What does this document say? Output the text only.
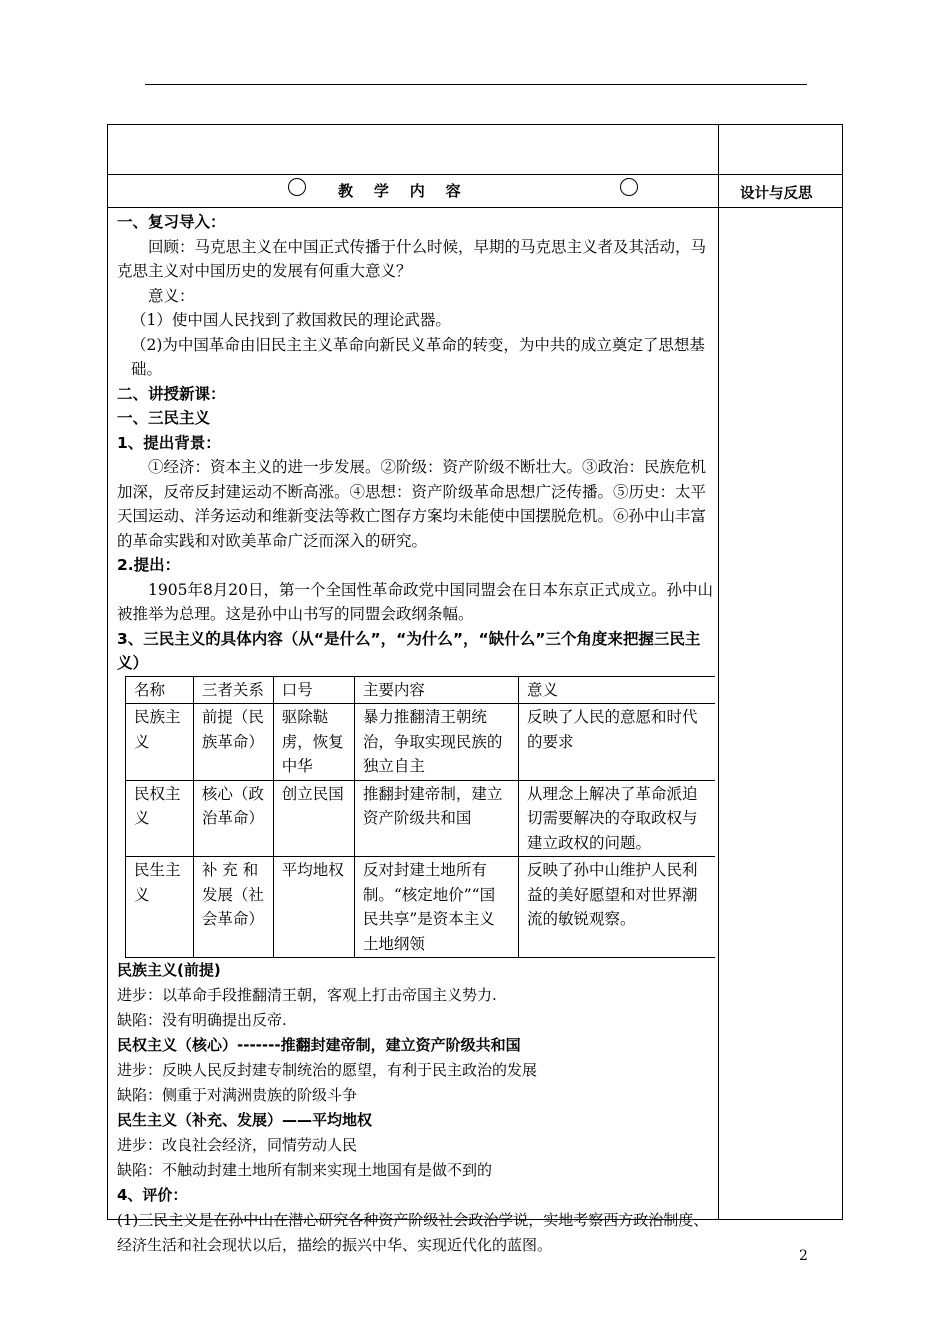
教    学    内    容	设计与反思

一、复习导入：

回顾：马克思主义在中国正式传播于什么时候，早期的马克思主义者及其活动，马克思主义对中国历史的发展有何重大意义？

意义：

（1）使中国人民找到了救国救民的理论武器。

（2)为中国革命由旧民主主义革命向新民义革命的转变，为中共的成立奠定了思想基础。

二、讲授新课：

一、三民主义

1、提出背景：

①经济：资本主义的进一步发展。②阶级：资产阶级不断壮大。③政治：民族危机加深，反帝反封建运动不断高涨。④思想：资产阶级革命思想广泛传播。⑤历史：太平天国运动、洋务运动和维新变法等救亡图存方案均未能使中国摆脱危机。⑥孙中山丰富的革命实践和对欧美革命广泛而深入的研究。

2.提出：

1905年8月20日，第一个全国性革命政党中国同盟会在日本东京正式成立。孙中山被推举为总理。这是孙中山书写的同盟会政纲条幅。

3、三民主义的具体内容（从“是什么”，“为什么”，“缺什么”三个角度来把握三民主义）

名称	三者关系	口号	主要内容	意义
民族主义	前提（民族革命）	驱除鞑虏，恢复中华	暴力推翻清王朝统治，争取实现民族的独立自主	反映了人民的意愿和时代的要求

民权主义	核心（政治革命）	创立民国	推翻封建帝制，建立资产阶级共和国	从理念上解决了革命派迫切需要解决的夺取政权与建立政权的问题。

民生主义	补 充 和 发展（社会革命）	平均地权	反对封建土地所有制。“核定地价”“国民共享”是资本主义土地纲领	反映了孙中山维护人民利益的美好愿望和对世界潮流的敏锐观察。

民族主义(前提)

进步：以革命手段推翻清王朝，客观上打击帝国主义势力.

缺陷：没有明确提出反帝.

民权主义（核心）-------推翻封建帝制，建立资产阶级共和国

进步：反映人民反封建专制统治的愿望，有利于民主政治的发展

缺陷：侧重于对满洲贵族的阶级斗争

民生主义（补充、发展）——平均地权

进步：改良社会经济，同情劳动人民

缺陷：不触动封建土地所有制来实现土地国有是做不到的

4、评价：

(1)三民主义是在孙中山在潜心研究各种资产阶级社会政治学说，实地考察西方政治制度、经济生活和社会现状以后，描绘的振兴中华、实现近代化的蓝图。

2
